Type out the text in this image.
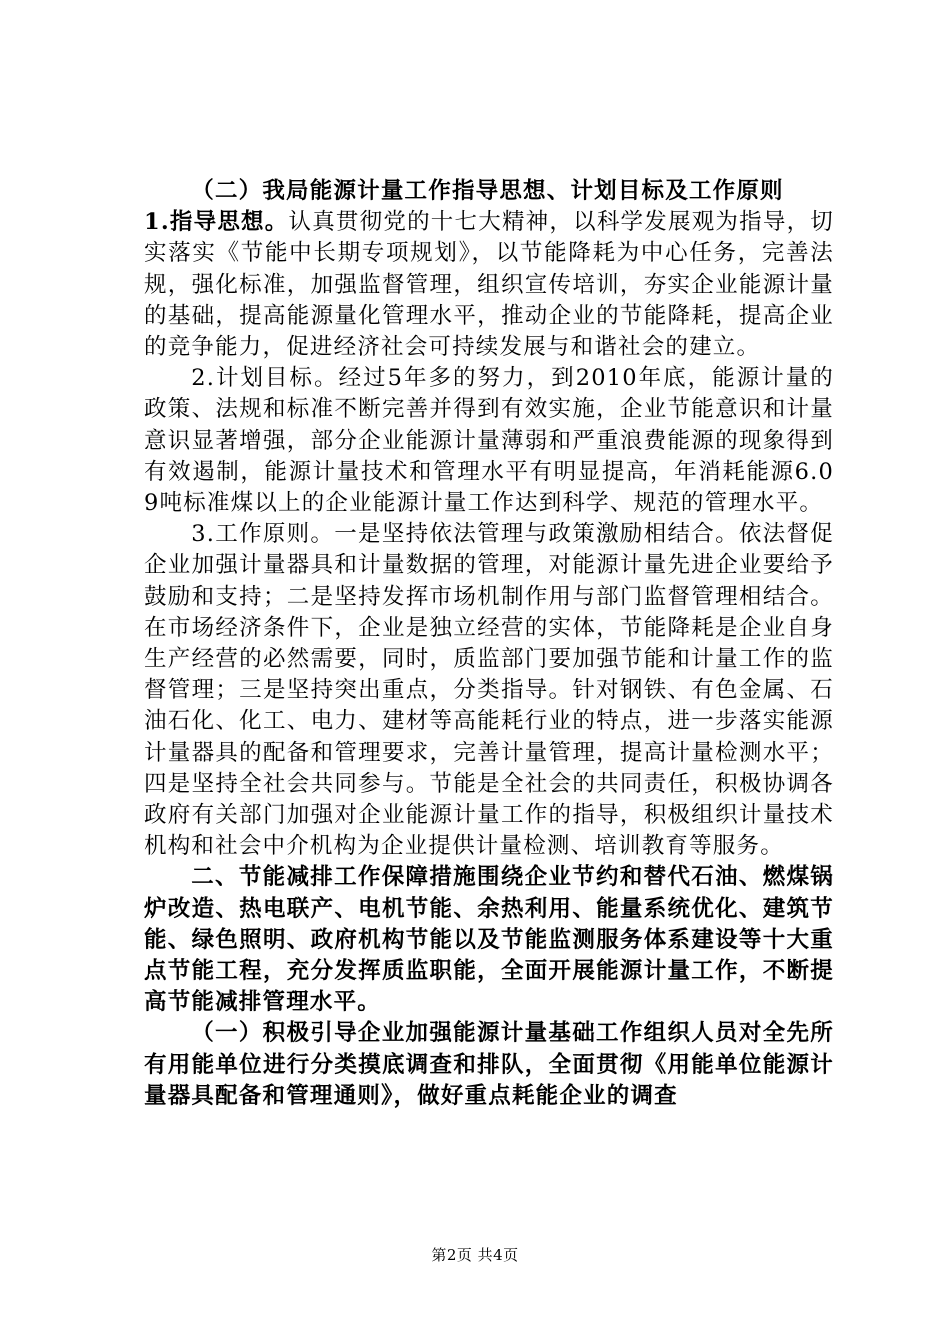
（二）我局能源计量工作指导思想、计划目标及工作原则

1.指导思想。认真贯彻党的十七大精神，以科学发展观为指导，切实落实《节能中长期专项规划》，以节能降耗为中心任务，完善法规，强化标准，加强监督管理，组织宣传培训，夯实企业能源计量的基础，提高能源量化管理水平，推动企业的节能降耗，提高企业的竞争能力，促进经济社会可持续发展与和谐社会的建立。

2.计划目标。经过5年多的努力，到2010年底，能源计量的政策、法规和标准不断完善并得到有效实施，企业节能意识和计量意识显著增强，部分企业能源计量薄弱和严重浪费能源的现象得到有效遏制，能源计量技术和管理水平有明显提高，年消耗能源6.09吨标准煤以上的企业能源计量工作达到科学、规范的管理水平。

3.工作原则。一是坚持依法管理与政策激励相结合。依法督促企业加强计量器具和计量数据的管理，对能源计量先进企业要给予鼓励和支持；二是坚持发挥市场机制作用与部门监督管理相结合。在市场经济条件下，企业是独立经营的实体，节能降耗是企业自身生产经营的必然需要，同时，质监部门要加强节能和计量工作的监督管理；三是坚持突出重点，分类指导。针对钢铁、有色金属、石油石化、化工、电力、建材等高能耗行业的特点，进一步落实能源计量器具的配备和管理要求，完善计量管理，提高计量检测水平；四是坚持全社会共同参与。节能是全社会的共同责任，积极协调各政府有关部门加强对企业能源计量工作的指导，积极组织计量技术机构和社会中介机构为企业提供计量检测、培训教育等服务。

二、节能减排工作保障措施围绕企业节约和替代石油、燃煤锅炉改造、热电联产、电机节能、余热利用、能量系统优化、建筑节能、绿色照明、政府机构节能以及节能监测服务体系建设等十大重点节能工程，充分发挥质监职能，全面开展能源计量工作，不断提高节能减排管理水平。

（一）积极引导企业加强能源计量基础工作组织人员对全先所有用能单位进行分类摸底调查和排队，全面贯彻《用能单位能源计量器具配备和管理通则》，做好重点耗能企业的调查

第2页 共4页
